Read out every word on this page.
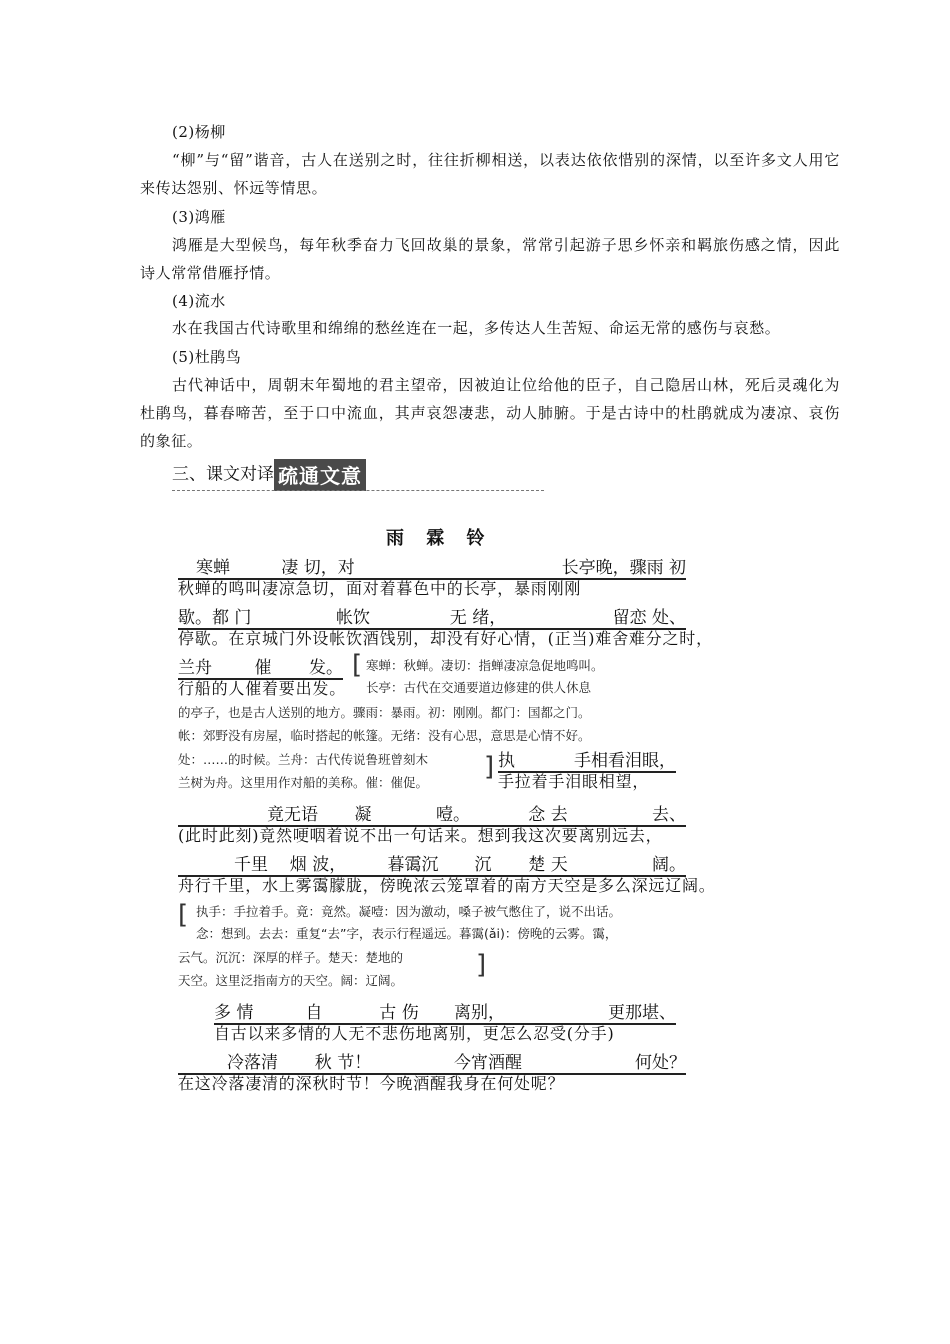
(2)杨柳
“柳”与“留”谐音，古人在送别之时，往往折柳相送，以表达依依惜别的深情，以至许多文人用它来传达怨别、怀远等情思。
(3)鸿雁
鸿雁是大型候鸟，每年秋季奋力飞回故巢的景象，常常引起游子思乡怀亲和羁旅伤感之情，因此诗人常常借雁抒情。
(4)流水
水在我国古代诗歌里和绵绵的愁丝连在一起，多传达人生苦短、命运无常的感伤与哀愁。
(5)杜鹃鸟
古代神话中，周朝末年蜀地的君主望帝，因被迫让位给他的臣子，自己隐居山林，死后灵魂化为杜鹃鸟，暮春啼苦，至于口中流血，其声哀怨凄悲，动人肺腑。于是古诗中的杜鹃就成为凄凉、哀伤的象征。
三、课文对译 疏通文意
雨 霖 铃
寒蝉	凄 切，对	长亭晚，骤雨 初
秋蝉的鸣叫凄凉急切，面对着暮色中的长亭，暴雨刚刚
歇。都 门	帐饮	无 绪，	留恋 处、
停歇。在京城门外设帐饮酒饯别，却没有好心情，(正当)难舍难分之时，
兰舟	催 发。
行船的人催着要出发。
[ 寒蝉：秋蝉。凄切：指蝉凄凉急促地鸣叫。
长亭：古代在交通要道边修建的供人休息
的亭子，也是古人送别的地方。骤雨：暴雨。初：刚刚。都门：国都之门。
帐：郊野没有房屋，临时搭起的帐篷。无绪：没有心思，意思是心情不好。
处：……的时候。兰舟：古代传说鲁班曾刻木
兰树为舟。这里用作对船的美称。催：催促。
] 执	手相看泪眼，
手拉着手泪眼相望，
竟无语 凝	噎。	念 去	去、
(此时此刻)竟然哽咽着说不出一句话来。想到我这次要离别远去，
千里 烟 波， 暮霭沉 沉 楚 天	阔。
舟行千里，水上雾霭朦胧，傍晚浓云笼罩着的南方天空是多么深远辽阔。
[ 执手：手拉着手。竟：竟然。凝噎：因为激动，嗓子被气憋住了，说不出话。
念：想到。去去：重复“去”字，表示行程遥远。暮霭(ǎi)：傍晚的云雾。霭，
云气。沉沉：深厚的样子。楚天：楚地的
天空。这里泛指南方的天空。阔：辽阔。
]
多 情	自	古 伤 离别，	更那堪、
自古以来多情的人无不悲伤地离别，更怎么忍受(分手)
冷落清 秋 节！	今宵酒醒	何处？
在这冷落凄清的深秋时节！今晚酒醒我身在何处呢？
